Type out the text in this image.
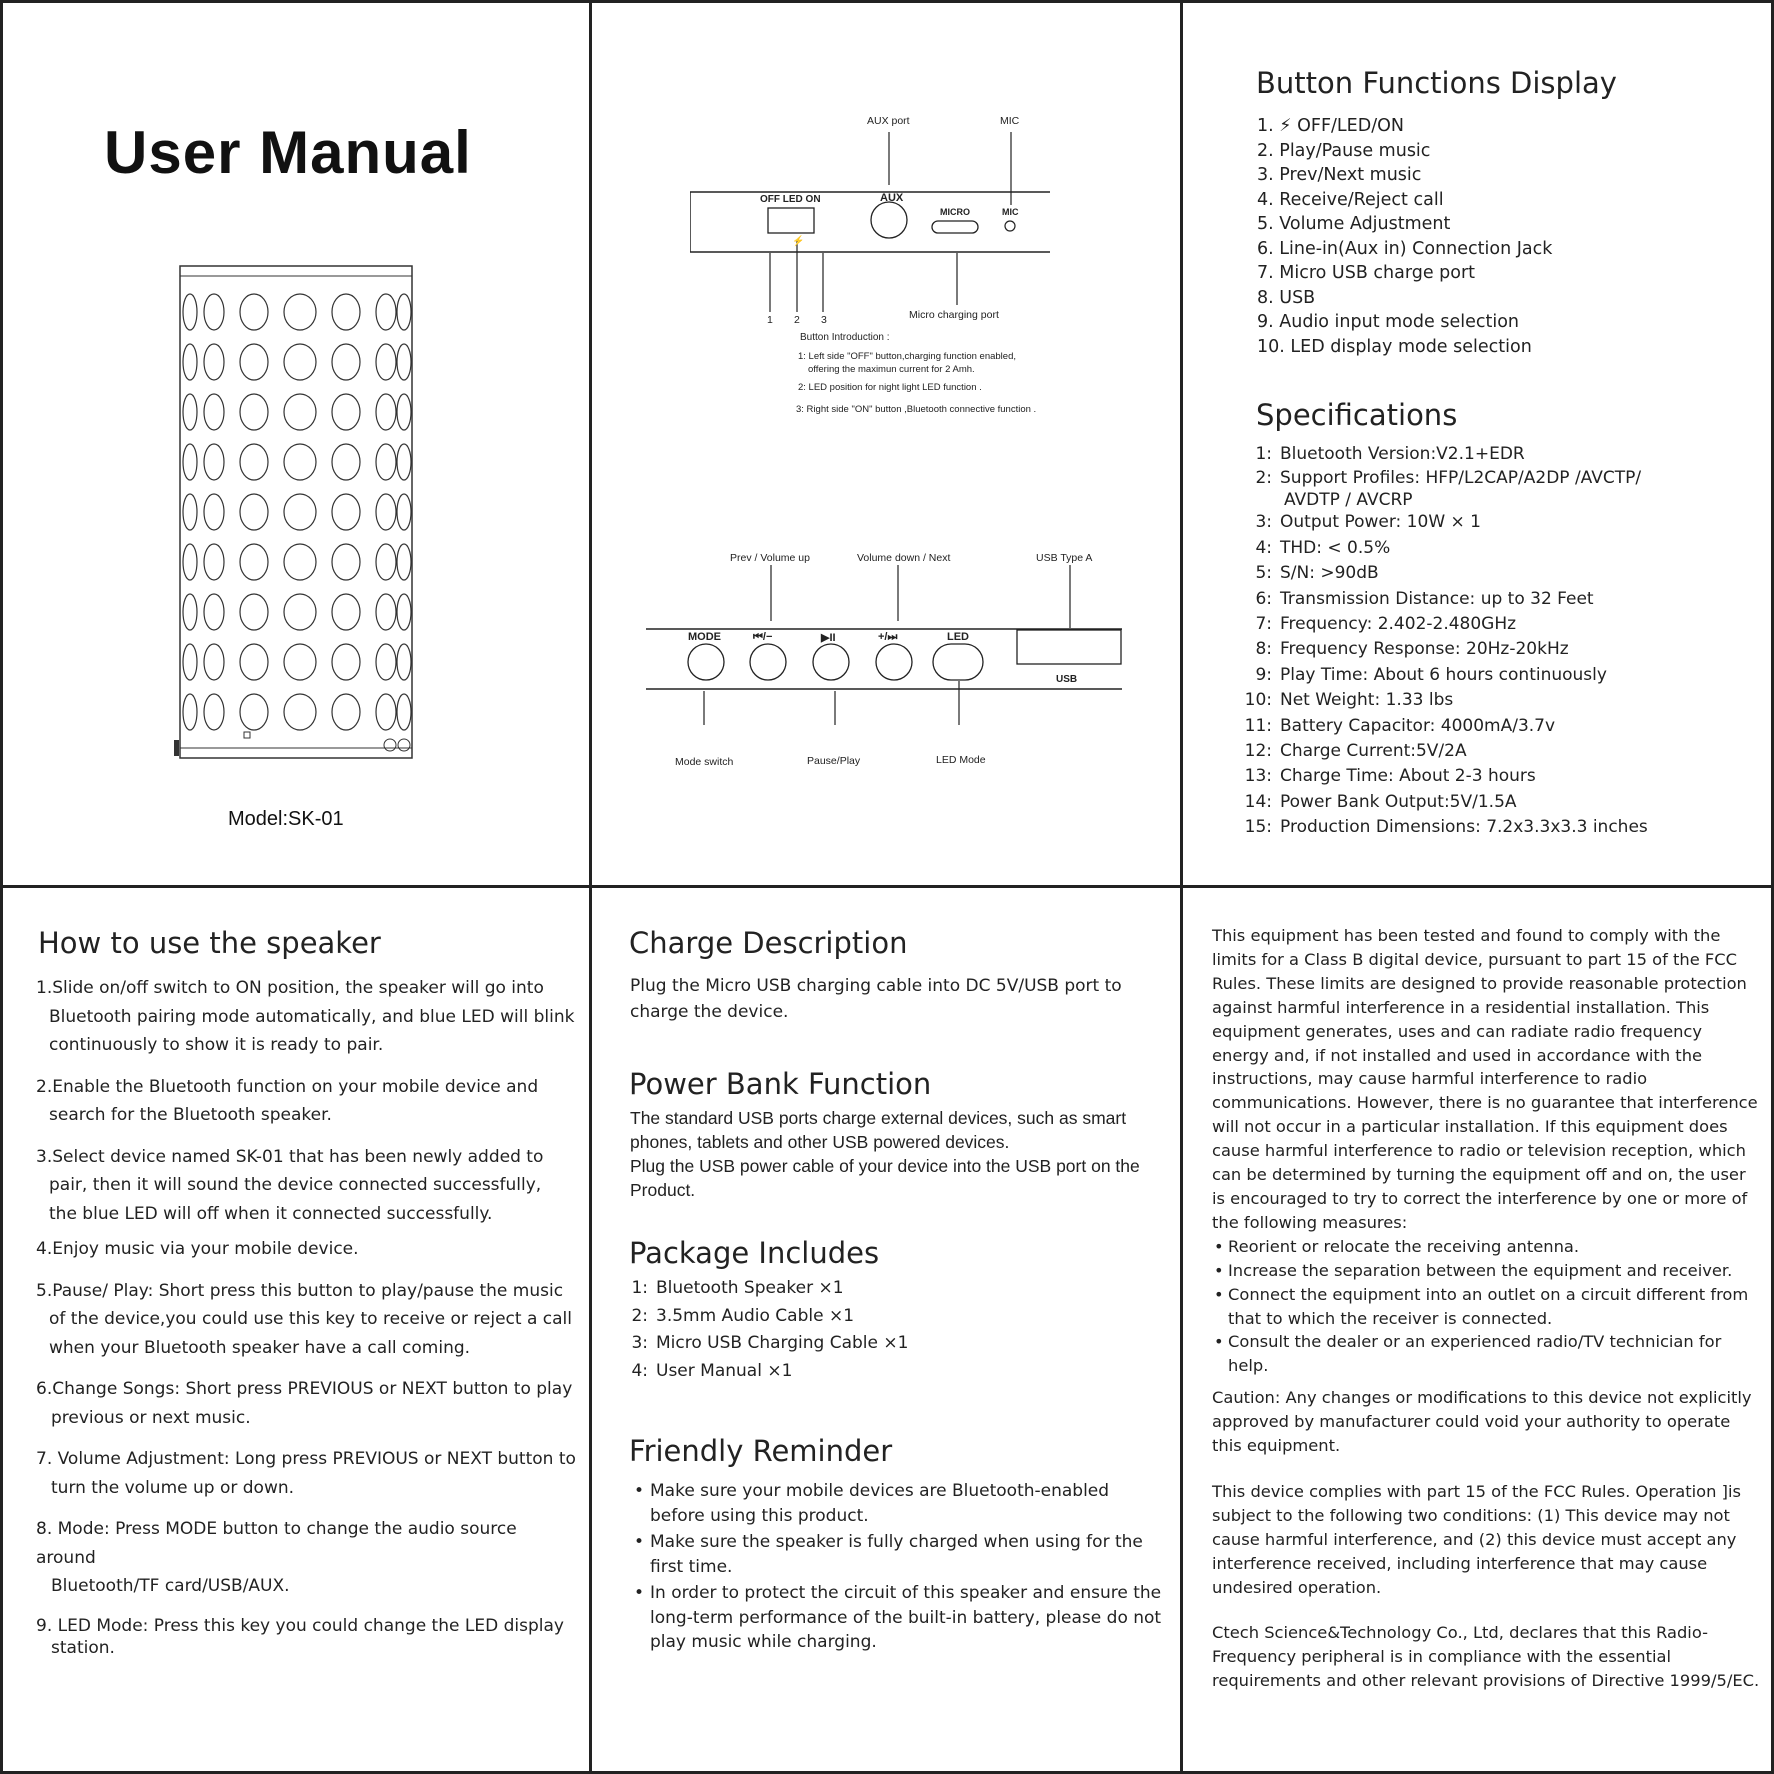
User Manual
Model:SK-01
AUX port	MIC
OFF LED ON	AUX
MICRO	MIC
⚡
1 2 3	Micro charging port
Button Introduction :
1: Left side "OFF" button,charging function enabled,
offering the maximun current for 2 Amh.
2: LED position for night light LED function .
3: Right side "ON" button ,Bluetooth connective function .
Prev / Volume up	Volume down / Next	USB Type A
MODE	⏮/−	▶II	+/⏭	LED
USB
Mode switch	Pause/Play	LED Mode
Button Functions Display
1. ⚡ OFF/LED/ON
2. Play/Pause music
3. Prev/Next music
4. Receive/Reject call
5. Volume Adjustment
6. Line-in(Aux in) Connection Jack
7. Micro USB charge port
8. USB
9. Audio input mode selection
10. LED display mode selection
Specifications
1: Bluetooth Version:V2.1+EDR
2: Support Profiles: HFP/L2CAP/A2DP /AVCTP/
AVDTP / AVCRP
3: Output Power: 10W × 1
4: THD: < 0.5%
5: S/N: >90dB
6: Transmission Distance: up to 32 Feet
7: Frequency: 2.402-2.480GHz
8: Frequency Response: 20Hz-20kHz
9: Play Time: About 6 hours continuously
10: Net Weight: 1.33 lbs
11: Battery Capacitor: 4000mA/3.7v
12: Charge Current:5V/2A
13: Charge Time: About 2-3 hours
14: Power Bank Output:5V/1.5A
15: Production Dimensions: 7.2x3.3x3.3 inches
How to use the speaker
1.Slide on/off switch to ON position, the speaker will go into
Bluetooth pairing mode automatically, and blue LED will blink
continuously to show it is ready to pair.
2.Enable the Bluetooth function on your mobile device and
search for the Bluetooth speaker.
3.Select device named SK-01 that has been newly added to
pair, then it will sound the device connected successfully,
the blue LED will off when it connected successfully.
4.Enjoy music via your mobile device.
5.Pause/ Play: Short press this button to play/pause the music
of the device,you could use this key to receive or reject a call
when your Bluetooth speaker have a call coming.
6.Change Songs: Short press PREVIOUS or NEXT button to play
previous or next music.
7. Volume Adjustment: Long press PREVIOUS or NEXT button to
turn the volume up or down.
8. Mode: Press MODE button to change the audio source around
Bluetooth/TF card/USB/AUX.
9. LED Mode: Press this key you could change the LED display
station.
Charge Description
Plug the Micro USB charging cable into DC 5V/USB port to charge the device.
Power Bank Function
The standard USB ports charge external devices, such as smart phones, tablets and other USB powered devices.
Plug the USB power cable of your device into the USB port on the Product.
Package Includes
1: Bluetooth Speaker ×1
2: 3.5mm Audio Cable ×1
3: Micro USB Charging Cable ×1
4: User Manual ×1
Friendly Reminder
• Make sure your mobile devices are Bluetooth-enabled before using this product.
• Make sure the speaker is fully charged when using for the first time.
• In order to protect the circuit of this speaker and ensure the long-term performance of the built-in battery, please do not play music while charging.
This equipment has been tested and found to comply with the limits for a Class B digital device, pursuant to part 15 of the FCC Rules. These limits are designed to provide reasonable protection against harmful interference in a residential installation. This equipment generates, uses and can radiate radio frequency energy and, if not installed and used in accordance with the instructions, may cause harmful interference to radio communications. However, there is no guarantee that interference will not occur in a particular installation. If this equipment does cause harmful interference to radio or television reception, which can be determined by turning the equipment off and on, the user is encouraged to try to correct the interference by one or more of the following measures:
• Reorient or relocate the receiving antenna.
• Increase the separation between the equipment and receiver.
• Connect the equipment into an outlet on a circuit different from that to which the receiver is connected.
• Consult the dealer or an experienced radio/TV technician for help.
Caution: Any changes or modifications to this device not explicitly approved by manufacturer could void your authority to operate this equipment.
This device complies with part 15 of the FCC Rules. Operation ]is subject to the following two conditions: (1) This device may not cause harmful interference, and (2) this device must accept any interference received, including interference that may cause undesired operation.
Ctech Science&Technology Co., Ltd, declares that this Radio-Frequency peripheral is in compliance with the essential requirements and other relevant provisions of Directive 1999/5/EC.
